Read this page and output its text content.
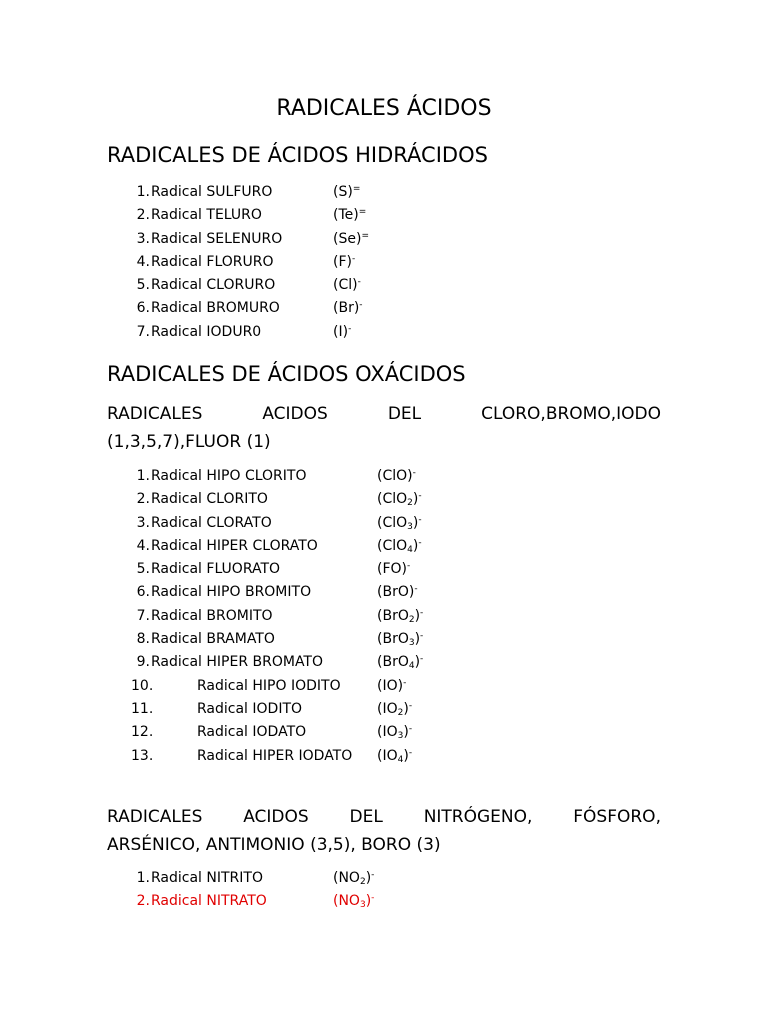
RADICALES ÁCIDOS
RADICALES DE ÁCIDOS HIDRÁCIDOS
1. Radical SULFURO	(S)=
2. Radical TELURO	(Te)=
3. Radical SELENURO	(Se)=
4. Radical FLORURO	(F)-
5. Radical CLORURO	(Cl)-
6. Radical BROMURO	(Br)-
7. Radical IODUR0	(I)-
RADICALES DE ÁCIDOS OXÁCIDOS
RADICALES	ACIDOS	DEL	CLORO,BROMO,IODO
(1,3,5,7),FLUOR (1)
1. Radical HIPO CLORITO	(ClO)-
2. Radical CLORITO	(ClO$_2$)-
3. Radical CLORATO	(ClO$_3$)-
4. Radical HIPER CLORATO	(ClO$_4$)-
5. Radical FLUORATO	(FO)-
6. Radical HIPO BROMITO	(BrO)-
7. Radical BROMITO	(BrO$_2$)-
8. Radical BRAMATO	(BrO$_3$)-
9. Radical HIPER BROMATO	(BrO$_4$)-
10.	Radical HIPO IODITO	(IO)-
11.	Radical IODITO	$(IO_2)^-$
12.	Radical IODATO	$(IO_3)^-$
13.	Radical HIPER IODATO $(IO_4)^-$
RADICALES ACIDOS DEL NITRÓGENO, FÓSFORO,
ARSÉNICO, ANTIMONIO (3,5), BORO (3)
1. Radical NITRITO	$(NO_2)^-$
2. Radical NITRATO	$(NO_3)^-$
